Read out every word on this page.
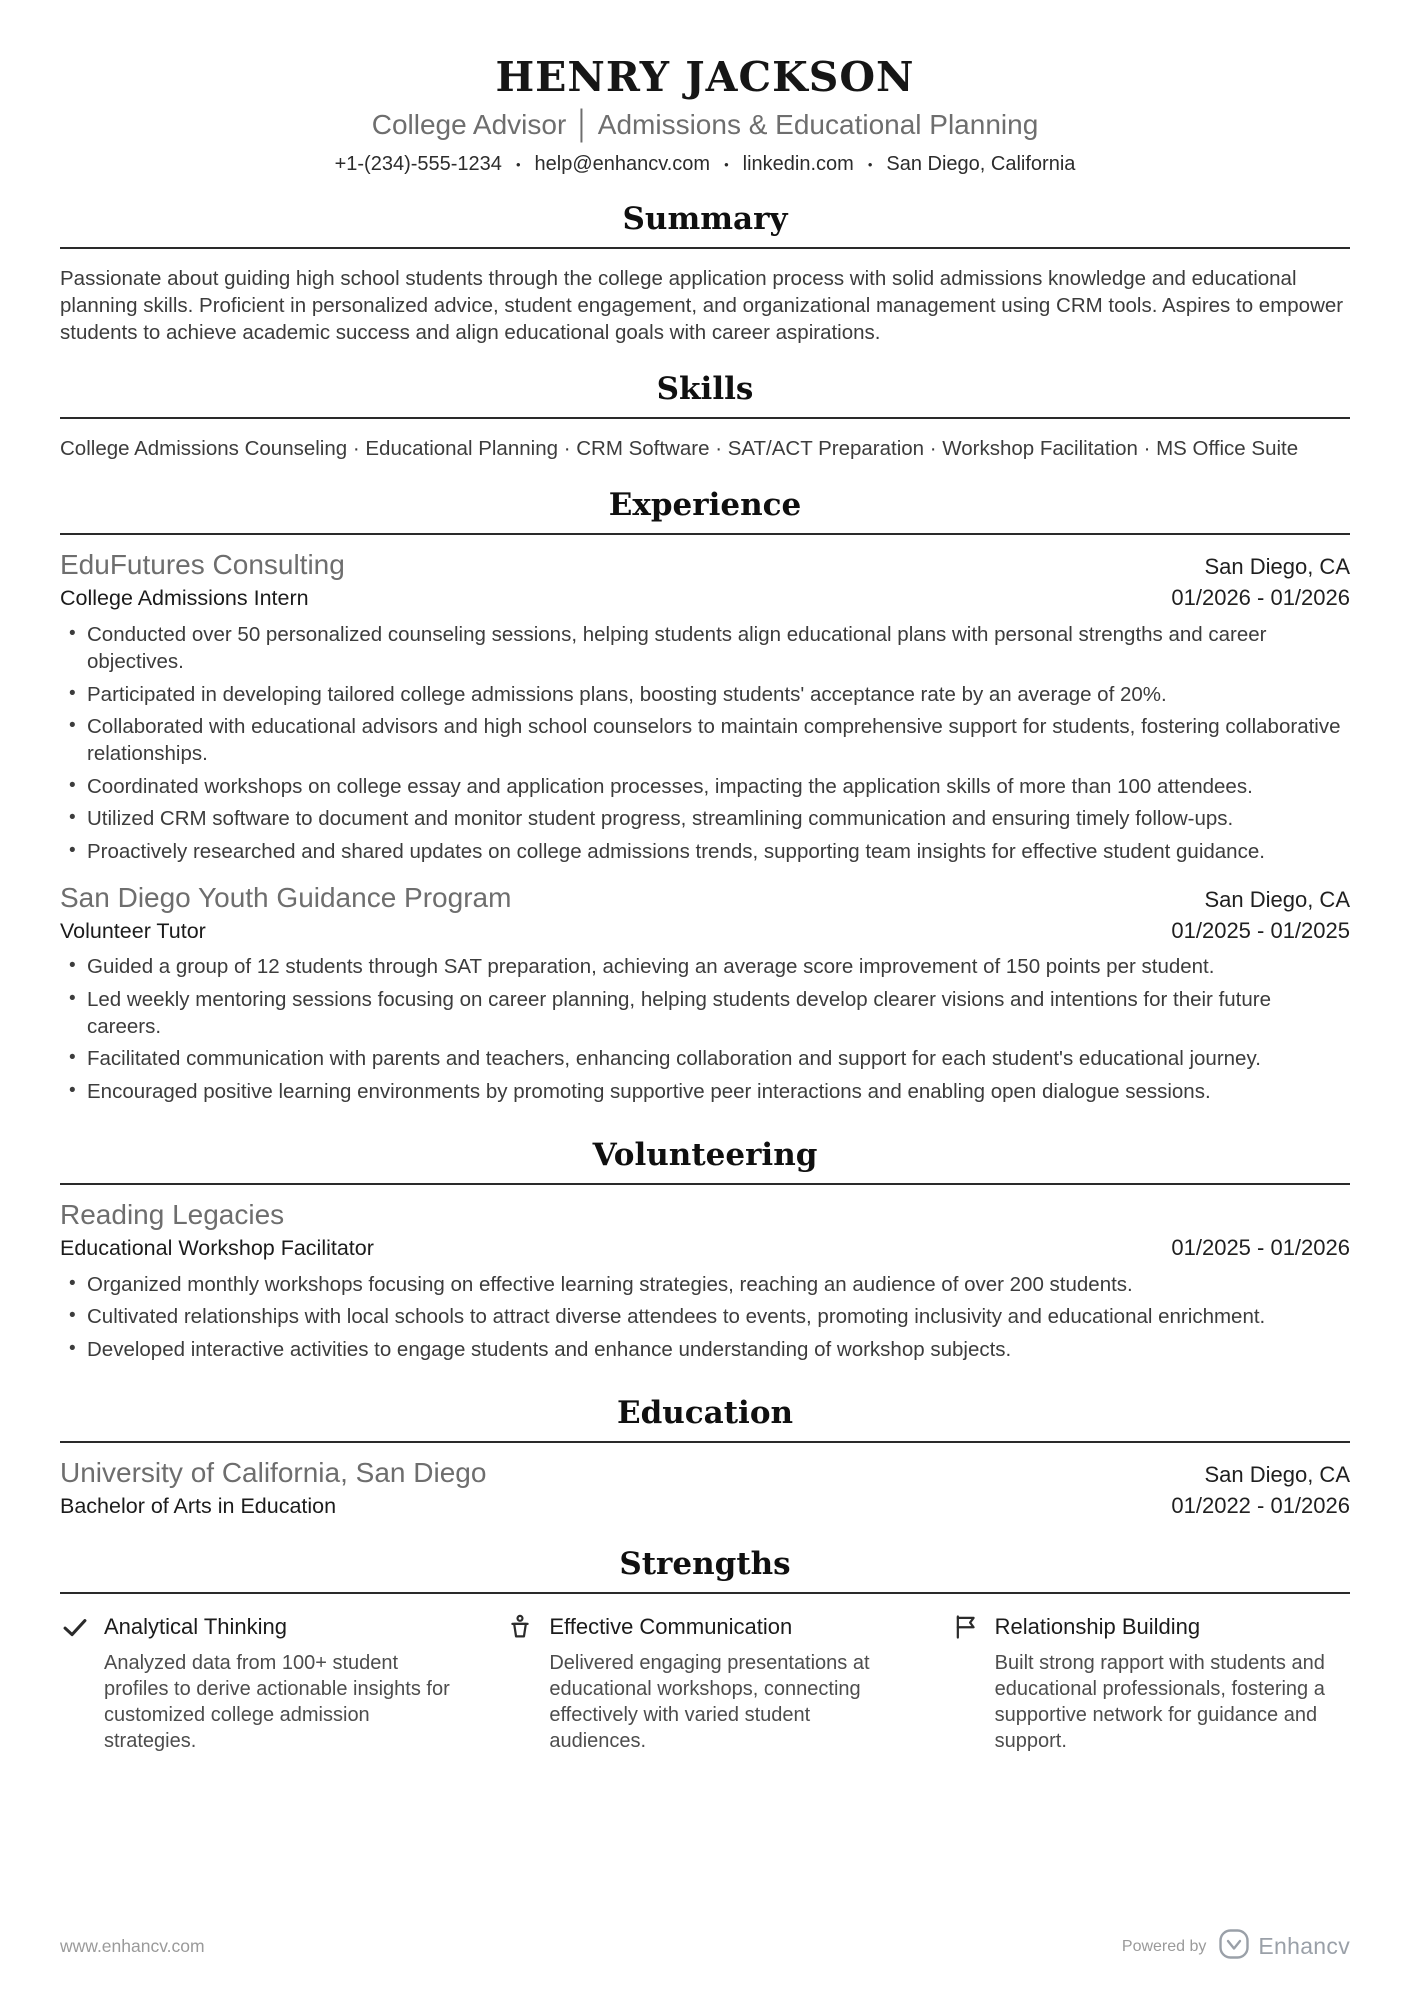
HENRY JACKSON
College Advisor │ Admissions & Educational Planning
+1-(234)-555-1234	• help@enhancv.com	• linkedin.com	• San Diego, California
Summary

Passionate about guiding high school students through the college application process with solid admissions knowledge and educational planning skills. Proficient in personalized advice, student engagement, and organizational management using CRM tools. Aspires to empower students to achieve academic success and align educational goals with career aspirations.

Skills

College Admissions Counseling · Educational Planning · CRM Software · SAT/ACT Preparation · Workshop Facilitation · MS Office Suite

Experience
EduFutures Consulting	San Diego, CA
College Admissions Intern	01/2026 - 01/2026
• Conducted over 50 personalized counseling sessions, helping students align educational plans with personal strengths and career objectives.
• Participated in developing tailored college admissions plans, boosting students' acceptance rate by an average of 20%.
• Collaborated with educational advisors and high school counselors to maintain comprehensive support for students, fostering collaborative relationships.
• Coordinated workshops on college essay and application processes, impacting the application skills of more than 100 attendees.
• Utilized CRM software to document and monitor student progress, streamlining communication and ensuring timely follow-ups.
• Proactively researched and shared updates on college admissions trends, supporting team insights for effective student guidance.
San Diego Youth Guidance Program	San Diego, CA
Volunteer Tutor	01/2025 - 01/2025
• Guided a group of 12 students through SAT preparation, achieving an average score improvement of 150 points per student.
• Led weekly mentoring sessions focusing on career planning, helping students develop clearer visions and intentions for their future careers.
• Facilitated communication with parents and teachers, enhancing collaboration and support for each student's educational journey.
• Encouraged positive learning environments by promoting supportive peer interactions and enabling open dialogue sessions.
Volunteering
Reading Legacies
Educational Workshop Facilitator	01/2025 - 01/2026
• Organized monthly workshops focusing on effective learning strategies, reaching an audience of over 200 students.
• Cultivated relationships with local schools to attract diverse attendees to events, promoting inclusivity and educational enrichment.
• Developed interactive activities to engage students and enhance understanding of workshop subjects.
Education
University of California, San Diego	San Diego, CA
Bachelor of Arts in Education	01/2022 - 01/2026
Strengths
Analytical Thinking

Analyzed data from 100+ student profiles to derive actionable insights for customized college admission strategies.

Effective Communication

Delivered engaging presentations at educational workshops, connecting effectively with varied student audiences.

Relationship Building

Built strong rapport with students and educational professionals, fostering a supportive network for guidance and support.

www.enhancv.com	Powered by Enhancv
